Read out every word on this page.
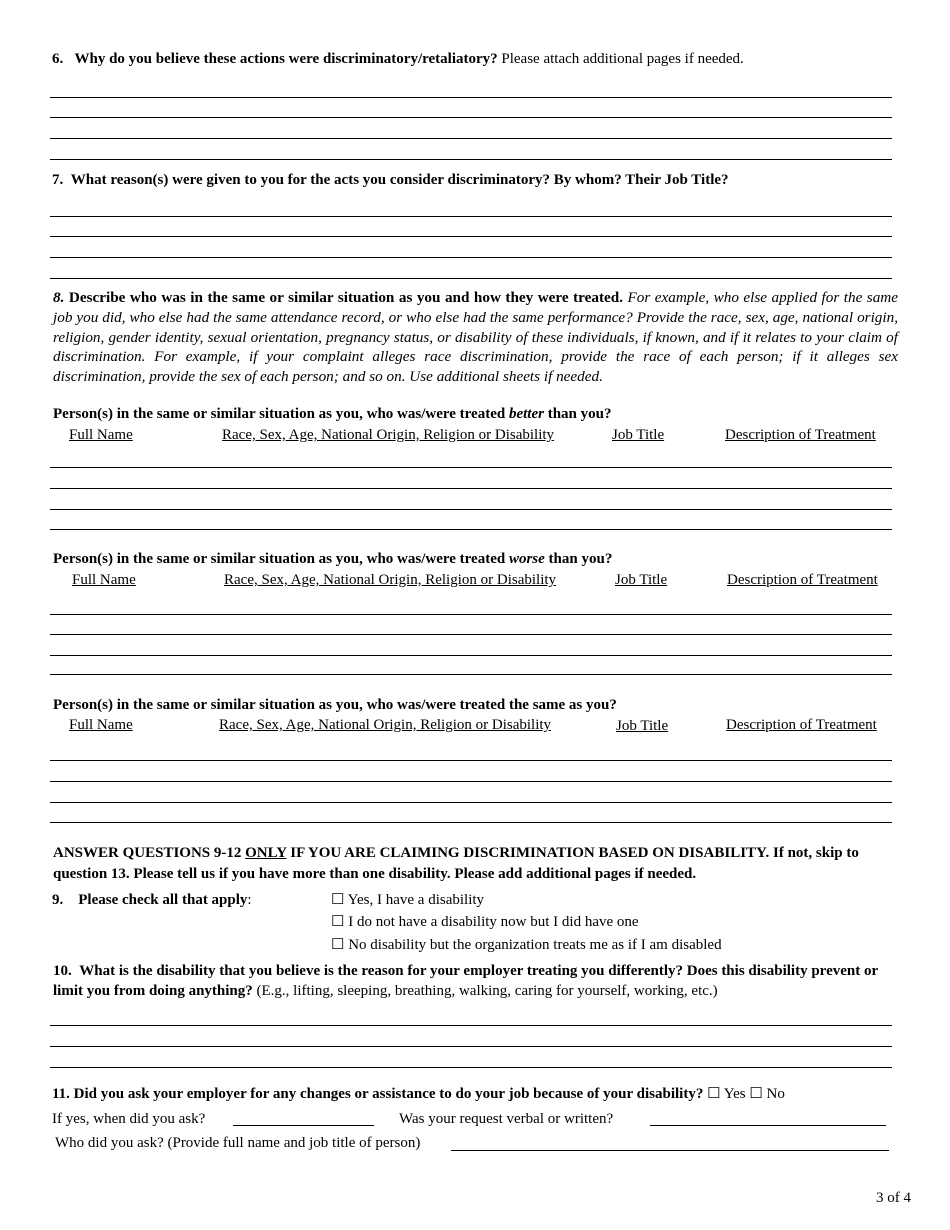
6. Why do you believe these actions were discriminatory/retaliatory? Please attach additional pages if needed.
7. What reason(s) were given to you for the acts you consider discriminatory? By whom? Their Job Title?
8. Describe who was in the same or similar situation as you and how they were treated. For example, who else applied for the same job you did, who else had the same attendance record, or who else had the same performance? Provide the race, sex, age, national origin, religion, gender identity, sexual orientation, pregnancy status, or disability of these individuals, if known, and if it relates to your claim of discrimination. For example, if your complaint alleges race discrimination, provide the race of each person; if it alleges sex discrimination, provide the sex of each person; and so on. Use additional sheets if needed.
Person(s) in the same or similar situation as you, who was/were treated better than you?
Full Name	Race, Sex, Age, National Origin, Religion or Disability	Job Title	Description of Treatment
Person(s) in the same or similar situation as you, who was/were treated worse than you?
Full Name	Race, Sex, Age, National Origin, Religion or Disability	Job Title	Description of Treatment
Person(s) in the same or similar situation as you, who was/were treated the same as you?
Full Name	Race, Sex, Age, National Origin, Religion or Disability	Job Title	Description of Treatment
ANSWER QUESTIONS 9-12 ONLY IF YOU ARE CLAIMING DISCRIMINATION BASED ON DISABILITY. If not, skip to question 13. Please tell us if you have more than one disability. Please add additional pages if needed.
9. Please check all that apply:	☐ Yes, I have a disability
☐ I do not have a disability now but I did have one
☐ No disability but the organization treats me as if I am disabled
10. What is the disability that you believe is the reason for your employer treating you differently? Does this disability prevent or limit you from doing anything? (E.g., lifting, sleeping, breathing, walking, caring for yourself, working, etc.)
11. Did you ask your employer for any changes or assistance to do your job because of your disability? ☐ Yes ☐ No
If yes, when did you ask?	Was your request verbal or written?
Who did you ask? (Provide full name and job title of person)
3 of 4
